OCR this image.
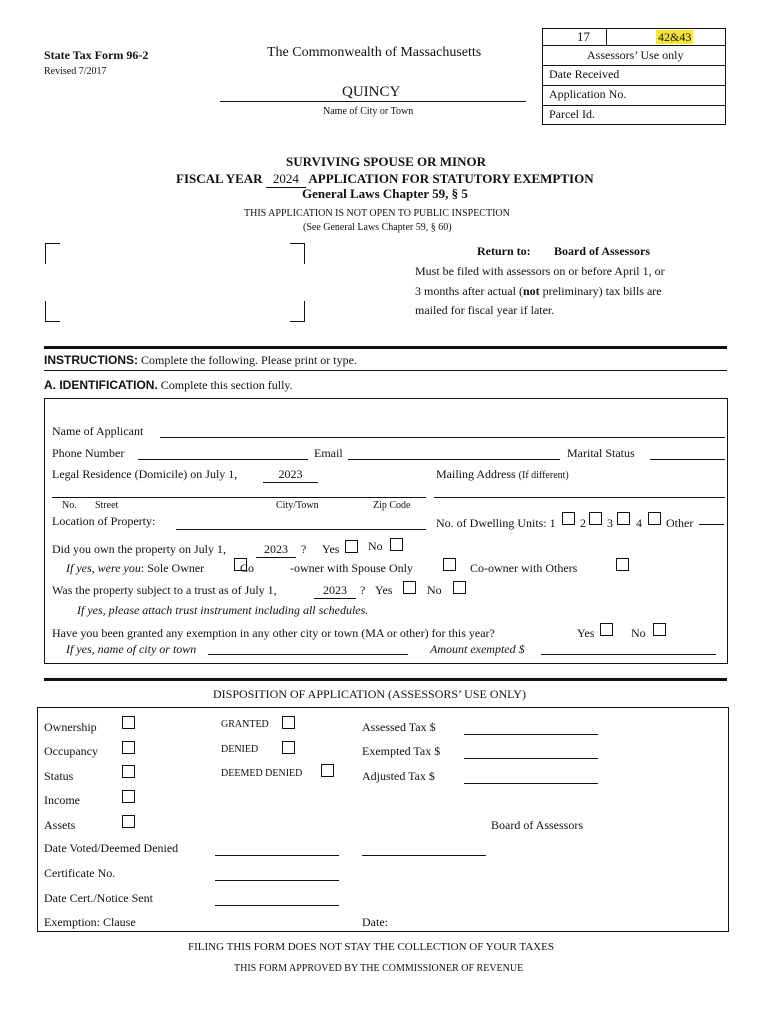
State Tax Form 96-2
Revised 7/2017
The Commonwealth of Massachusetts
QUINCY
Name of City or Town
17	42&43
Assessors’ Use only
Date Received
Application No.
Parcel Id.
SURVIVING SPOUSE OR MINOR
FISCAL YEAR 2024 APPLICATION FOR STATUTORY EXEMPTION
General Laws Chapter 59, § 5
THIS APPLICATION IS NOT OPEN TO PUBLIC INSPECTION
(See General Laws Chapter 59, § 60)
Return to: Board of Assessors
Must be filed with assessors on or before April 1, or
3 months after actual (not preliminary) tax bills are
mailed for fiscal year if later.
INSTRUCTIONS: Complete the following. Please print or type.
A. IDENTIFICATION. Complete this section fully.
Name of Applicant
Phone Number	Email	Marital Status
Legal Residence (Domicile) on July 1,	2023	Mailing Address (If different)
No. Street	City/Town	Zip Code
Location of Property:	No. of Dwelling Units: 1 2 3 4 Other
Did you own the property on July 1,	2023	? Yes No
If yes, were you: Sole Owner	Co	-owner with Spouse Only	Co-owner with Others
Was the property subject to a trust as of July 1,	2023	? Yes	No
If yes, please attach trust instrument including all schedules.
Have you been granted any exemption in any other city or town (MA or other) for this year?	Yes	No
If yes, name of city or town	Amount exempted $
DISPOSITION OF APPLICATION (ASSESSORS’ USE ONLY)
Ownership
Occupancy
Status
Income
Assets
GRANTED
DENIED
DEEMED DENIED
Assessed Tax $
Exempted Tax $
Adjusted Tax $
Board of Assessors
Date Voted/Deemed Denied
Certificate No.
Date Cert./Notice Sent
Exemption: Clause	Date:
FILING THIS FORM DOES NOT STAY THE COLLECTION OF YOUR TAXES
THIS FORM APPROVED BY THE COMMISSIONER OF REVENUE
